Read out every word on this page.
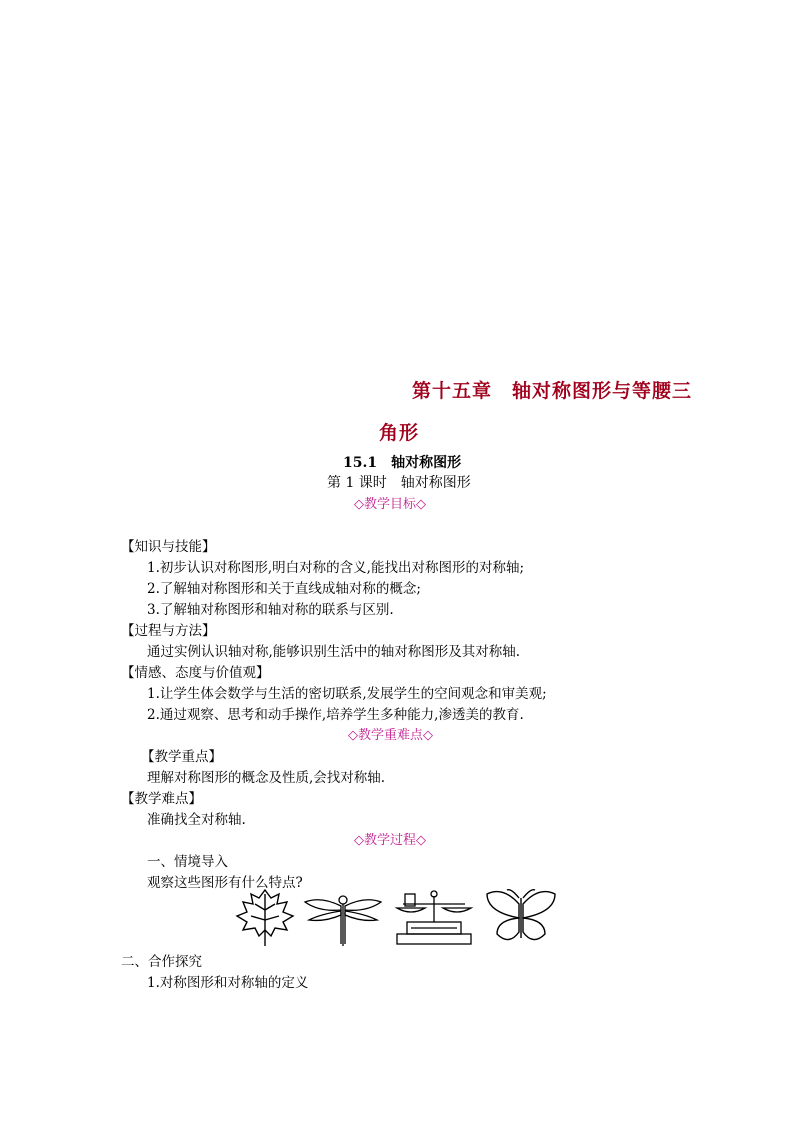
第十五章　轴对称图形与等腰三
角形
15.1　轴对称图形
第 1 课时　轴对称图形
◇教学目标◇
【知识与技能】
1.初步认识对称图形,明白对称的含义,能找出对称图形的对称轴;
2.了解轴对称图形和关于直线成轴对称的概念;
3.了解轴对称图形和轴对称的联系与区别.
【过程与方法】
通过实例认识轴对称,能够识别生活中的轴对称图形及其对称轴.
【情感、态度与价值观】
1.让学生体会数学与生活的密切联系,发展学生的空间观念和审美观;
2.通过观察、思考和动手操作,培养学生多种能力,渗透美的教育.
◇教学重难点◇
【教学重点】
理解对称图形的概念及性质,会找对称轴.
【教学难点】
准确找全对称轴.
◇教学过程◇
一、情境导入
观察这些图形有什么特点?
二、合作探究
1.对称图形和对称轴的定义
